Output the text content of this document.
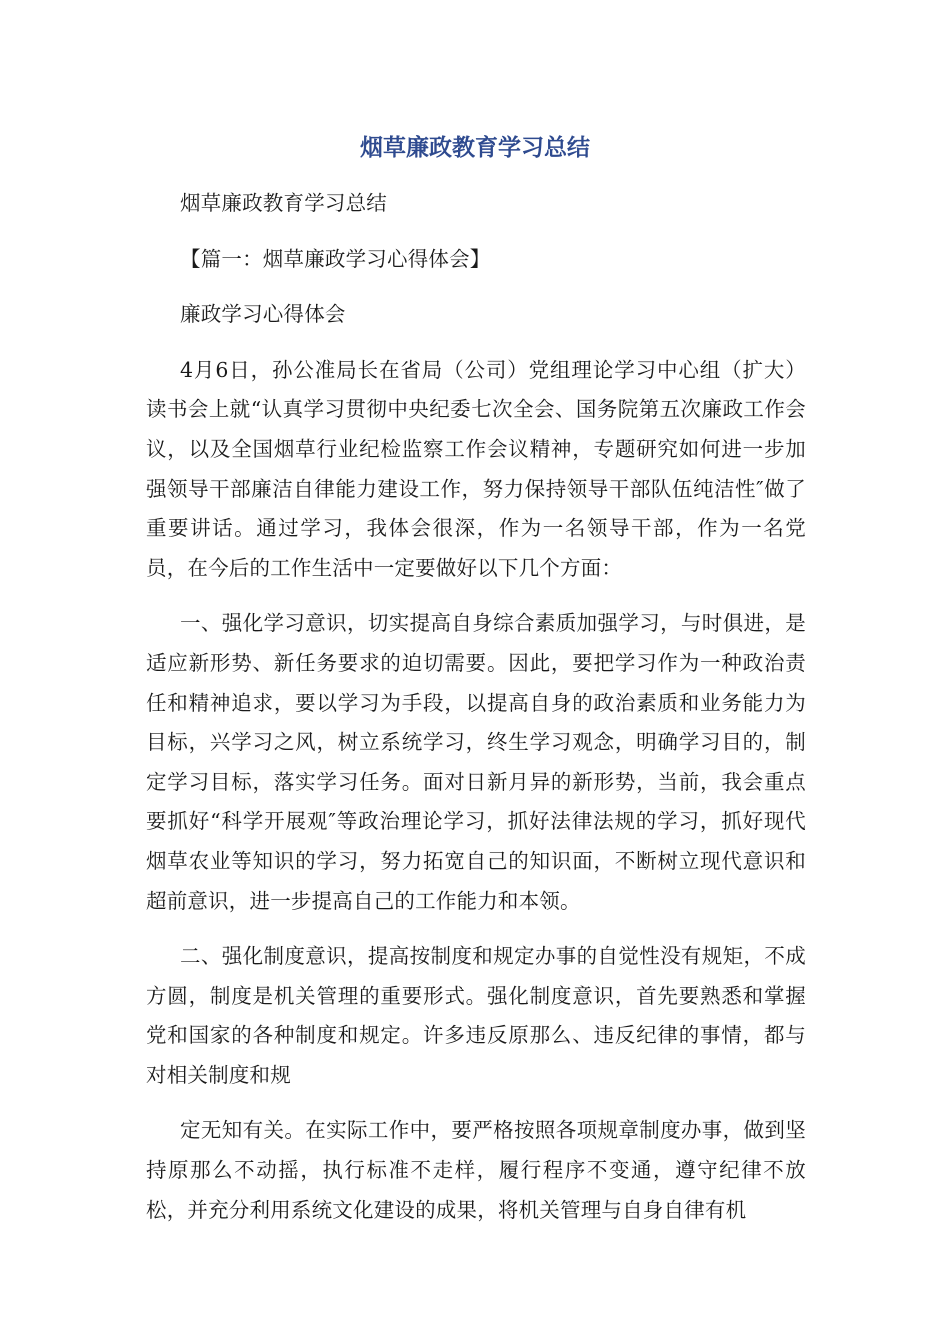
烟草廉政教育学习总结

烟草廉政教育学习总结

【篇一：烟草廉政学习心得体会】

廉政学习心得体会

4月6日，孙公准局长在省局（公司）党组理论学习中心组（扩大）读书会上就“认真学习贯彻中央纪委七次全会、国务院第五次廉政工作会议，以及全国烟草行业纪检监察工作会议精神，专题研究如何进一步加强领导干部廉洁自律能力建设工作，努力保持领导干部队伍纯洁性″做了重要讲话。通过学习，我体会很深，作为一名领导干部，作为一名党员，在今后的工作生活中一定要做好以下几个方面：

一、强化学习意识，切实提高自身综合素质加强学习，与时俱进，是适应新形势、新任务要求的迫切需要。因此，要把学习作为一种政治责任和精神追求，要以学习为手段，以提高自身的政治素质和业务能力为目标，兴学习之风，树立系统学习，终生学习观念，明确学习目的，制定学习目标，落实学习任务。面对日新月异的新形势，当前，我会重点要抓好“科学开展观″等政治理论学习，抓好法律法规的学习，抓好现代烟草农业等知识的学习，努力拓宽自己的知识面，不断树立现代意识和超前意识，进一步提高自己的工作能力和本领。

二、强化制度意识，提高按制度和规定办事的自觉性没有规矩，不成方圆，制度是机关管理的重要形式。强化制度意识，首先要熟悉和掌握党和国家的各种制度和规定。许多违反原那么、违反纪律的事情，都与对相关制度和规

定无知有关。在实际工作中，要严格按照各项规章制度办事，做到坚持原那么不动摇，执行标准不走样，履行程序不变通，遵守纪律不放松，并充分利用系统文化建设的成果，将机关管理与自身自律有机
